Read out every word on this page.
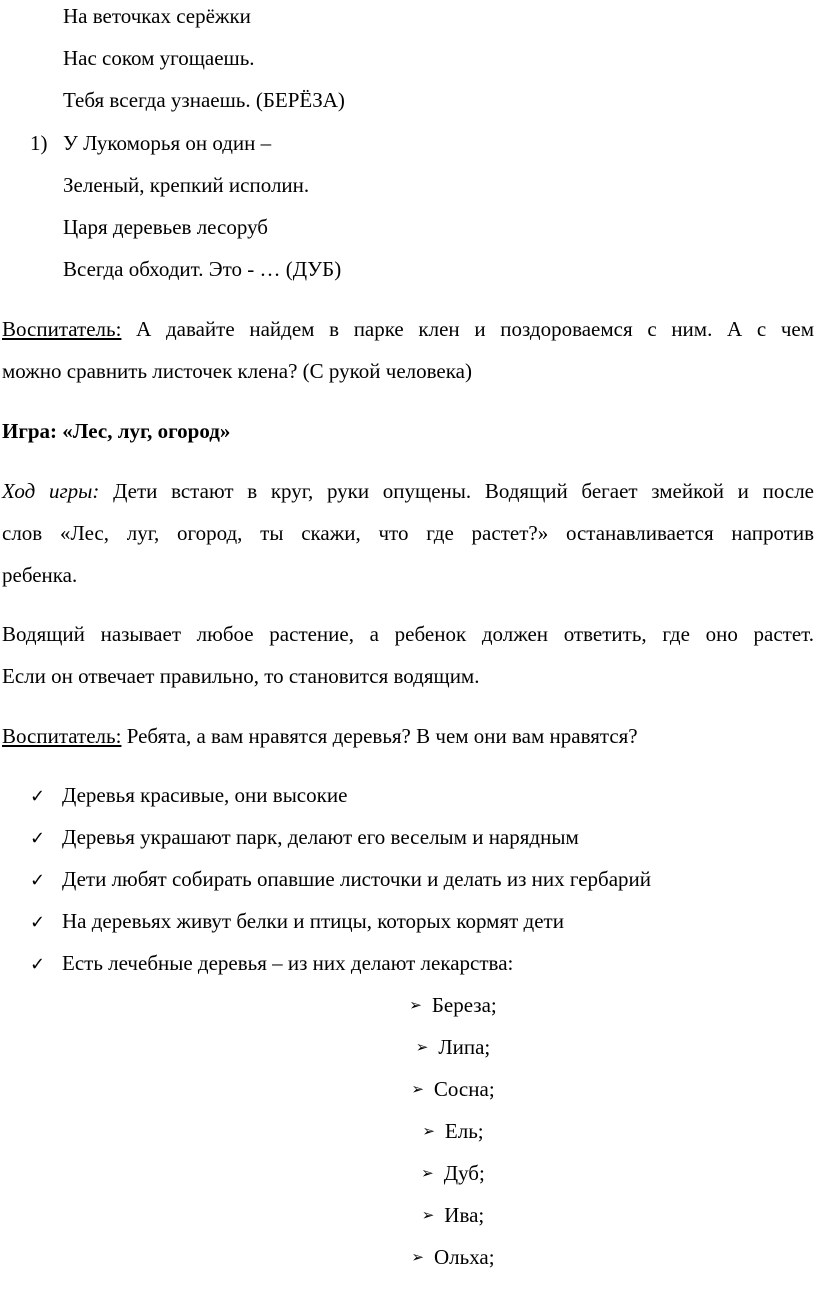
На веточках серёжки
Нас соком угощаешь.
Тебя всегда узнаешь. (БЕРЁЗА)
1) У Лукоморья он один –
Зеленый, крепкий исполин.
Царя деревьев лесоруб
Всегда обходит. Это - … (ДУБ)
Воспитатель: А давайте найдем в парке клен и поздороваемся с ним. А с чем
можно сравнить листочек клена? (С рукой человека)
Игра: «Лес, луг, огород»
Ход игры: Дети встают в круг, руки опущены. Водящий бегает змейкой и после
слов «Лес, луг, огород, ты скажи, что где растет?» останавливается напротив
ребенка.
Водящий называет любое растение, а ребенок должен ответить, где оно растет.
Если он отвечает правильно, то становится водящим.
Воспитатель: Ребята, а вам нравятся деревья? В чем они вам нравятся?
✓ Деревья красивые, они высокие
✓ Деревья украшают парк, делают его веселым и нарядным
✓ Дети любят собирать опавшие листочки и делать из них гербарий
✓ На деревьях живут белки и птицы, которых кормят дети
✓ Есть лечебные деревья – из них делают лекарства:
➢ Береза;
➢ Липа;
➢ Сосна;
➢ Ель;
➢ Дуб;
➢ Ива;
➢ Ольха;
